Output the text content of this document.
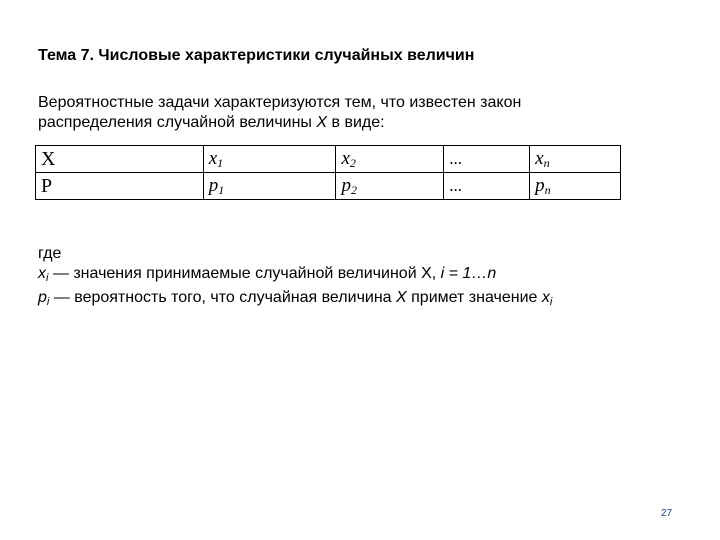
Тема 7. Числовые характеристики случайных величин
Вероятностные задачи характеризуются тем, что известен закон
распределения случайной величины X в виде:
X	$x_1$	$x_2$	...	$x_n$
P	$p_1$	$p_2$	...	$p_n$
где
$x_i$ — значения принимаемые случайной величиной X, i = 1…n
$p_i$ — вероятность того, что случайная величина X примет значение $x_i$
27
